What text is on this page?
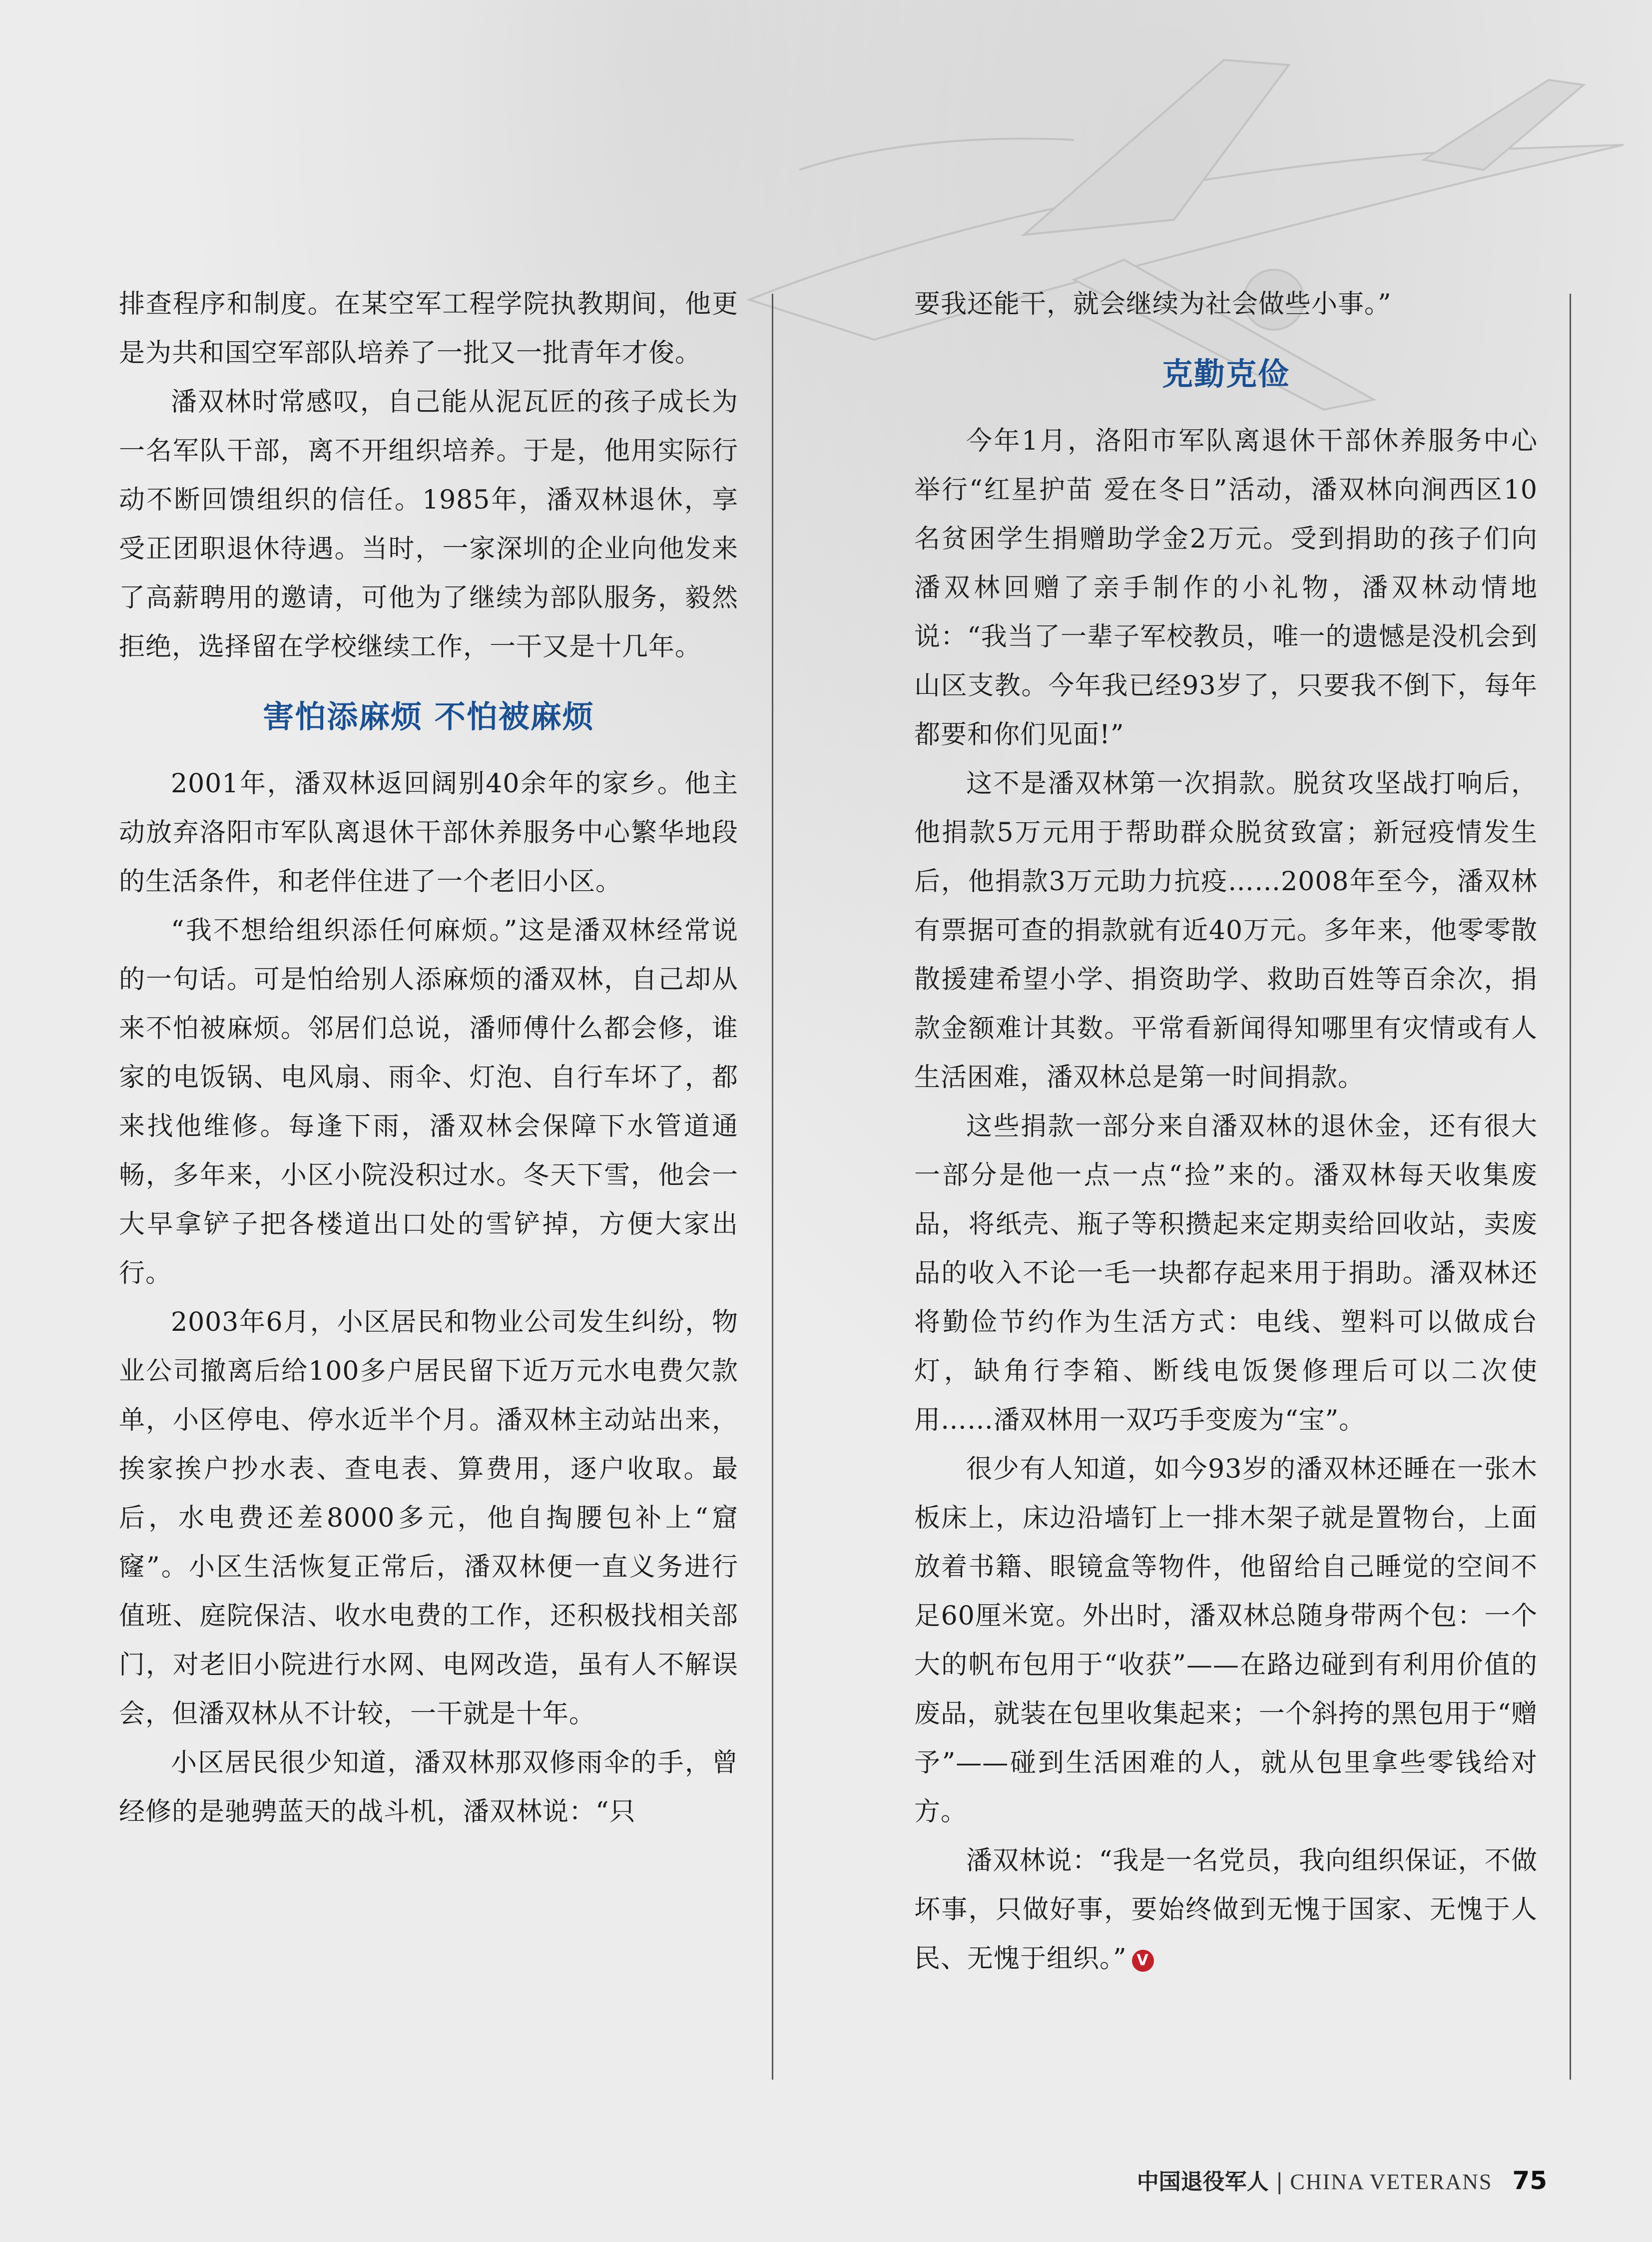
排查程序和制度。在某空军工程学院执教期间，他更是为共和国空军部队培养了一批又一批青年才俊。

潘双林时常感叹，自己能从泥瓦匠的孩子成长为一名军队干部，离不开组织培养。于是，他用实际行动不断回馈组织的信任。1985年，潘双林退休，享受正团职退休待遇。当时，一家深圳的企业向他发来了高薪聘用的邀请，可他为了继续为部队服务，毅然拒绝，选择留在学校继续工作，一干又是十几年。

害怕添麻烦 不怕被麻烦

2001年，潘双林返回阔别40余年的家乡。他主动放弃洛阳市军队离退休干部休养服务中心繁华地段的生活条件，和老伴住进了一个老旧小区。

“我不想给组织添任何麻烦。”这是潘双林经常说的一句话。可是怕给别人添麻烦的潘双林，自己却从来不怕被麻烦。邻居们总说，潘师傅什么都会修，谁家的电饭锅、电风扇、雨伞、灯泡、自行车坏了，都来找他维修。每逢下雨，潘双林会保障下水管道通畅，多年来，小区小院没积过水。冬天下雪，他会一大早拿铲子把各楼道出口处的雪铲掉，方便大家出行。

2003年6月，小区居民和物业公司发生纠纷，物业公司撤离后给100多户居民留下近万元水电费欠款单，小区停电、停水近半个月。潘双林主动站出来，挨家挨户抄水表、查电表、算费用，逐户收取。最后，水电费还差8000多元，他自掏腰包补上“窟窿”。小区生活恢复正常后，潘双林便一直义务进行值班、庭院保洁、收水电费的工作，还积极找相关部门，对老旧小院进行水网、电网改造，虽有人不解误会，但潘双林从不计较，一干就是十年。

小区居民很少知道，潘双林那双修雨伞的手，曾经修的是驰骋蓝天的战斗机，潘双林说：“只

要我还能干，就会继续为社会做些小事。”

克勤克俭

今年1月，洛阳市军队离退休干部休养服务中心举行“红星护苗 爱在冬日”活动，潘双林向涧西区10名贫困学生捐赠助学金2万元。受到捐助的孩子们向潘双林回赠了亲手制作的小礼物，潘双林动情地说：“我当了一辈子军校教员，唯一的遗憾是没机会到山区支教。今年我已经93岁了，只要我不倒下，每年都要和你们见面!”

这不是潘双林第一次捐款。脱贫攻坚战打响后，他捐款5万元用于帮助群众脱贫致富；新冠疫情发生后，他捐款3万元助力抗疫……2008年至今，潘双林有票据可查的捐款就有近40万元。多年来，他零零散散援建希望小学、捐资助学、救助百姓等百余次，捐款金额难计其数。平常看新闻得知哪里有灾情或有人生活困难，潘双林总是第一时间捐款。

这些捐款一部分来自潘双林的退休金，还有很大一部分是他一点一点“捡”来的。潘双林每天收集废品，将纸壳、瓶子等积攒起来定期卖给回收站，卖废品的收入不论一毛一块都存起来用于捐助。潘双林还将勤俭节约作为生活方式：电线、塑料可以做成台灯，缺角行李箱、断线电饭煲修理后可以二次使用……潘双林用一双巧手变废为“宝”。

很少有人知道，如今93岁的潘双林还睡在一张木板床上，床边沿墙钉上一排木架子就是置物台，上面放着书籍、眼镜盒等物件，他留给自己睡觉的空间不足60厘米宽。外出时，潘双林总随身带两个包：一个大的帆布包用于“收获”——在路边碰到有利用价值的废品，就装在包里收集起来；一个斜挎的黑包用于“赠予”——碰到生活困难的人，就从包里拿些零钱给对方。

潘双林说：“我是一名党员，我向组织保证，不做坏事，只做好事，要始终做到无愧于国家、无愧于人民、无愧于组织。” V

中国退役军人 | CHINA VETERANS 75
